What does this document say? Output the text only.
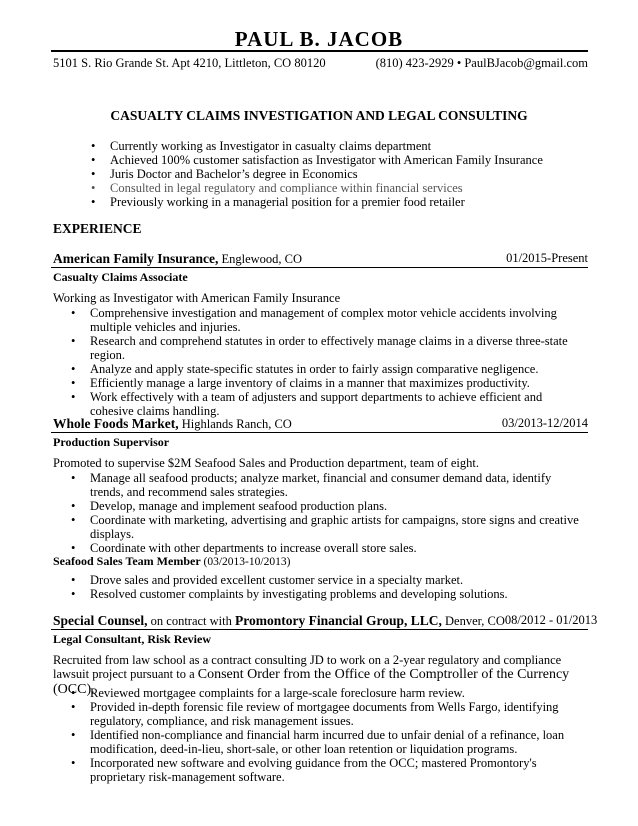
PAUL B. JACOB
5101 S. Rio Grande St. Apt 4210, Littleton, CO 80120	(810) 423-2929 • PaulBJacob@gmail.com
CASUALTY CLAIMS INVESTIGATION AND LEGAL CONSULTING
• Currently working as Investigator in casualty claims department
• Achieved 100% customer satisfaction as Investigator with American Family Insurance
• Juris Doctor and Bachelor’s degree in Economics
• Consulted in legal regulatory and compliance within financial services
• Previously working in a managerial position for a premier food retailer
EXPERIENCE
American Family Insurance, Englewood, CO	01/2015-Present
Casualty Claims Associate
Working as Investigator with American Family Insurance
• Comprehensive investigation and management of complex motor vehicle accidents involving multiple vehicles and injuries.
• Research and comprehend statutes in order to effectively manage claims in a diverse three-state region.
• Analyze and apply state-specific statutes in order to fairly assign comparative negligence.
• Efficiently manage a large inventory of claims in a manner that maximizes productivity.
• Work effectively with a team of adjusters and support departments to achieve efficient and cohesive claims handling.
Whole Foods Market, Highlands Ranch, CO	03/2013-12/2014
Production Supervisor
Promoted to supervise $2M Seafood Sales and Production department, team of eight.
• Manage all seafood products; analyze market, financial and consumer demand data, identify trends, and recommend sales strategies.
• Develop, manage and implement seafood production plans.
• Coordinate with marketing, advertising and graphic artists for campaigns, store signs and creative displays.
• Coordinate with other departments to increase overall store sales.
Seafood Sales Team Member (03/2013-10/2013)
• Drove sales and provided excellent customer service in a specialty market.
• Resolved customer complaints by investigating problems and developing solutions.
Special Counsel, on contract with Promontory Financial Group, LLC, Denver, CO 08/2012 - 01/2013
Legal Consultant, Risk Review
Recruited from law school as a contract consulting JD to work on a 2-year regulatory and compliance lawsuit project pursuant to a Consent Order from the Office of the Comptroller of the Currency (OCC).
• Reviewed mortgagee complaints for a large-scale foreclosure harm review.
• Provided in-depth forensic file review of mortgagee documents from Wells Fargo, identifying regulatory, compliance, and risk management issues.
• Identified non-compliance and financial harm incurred due to unfair denial of a refinance, loan modification, deed-in-lieu, short-sale, or other loan retention or liquidation programs.
• Incorporated new software and evolving guidance from the OCC; mastered Promontory's proprietary risk-management software.
